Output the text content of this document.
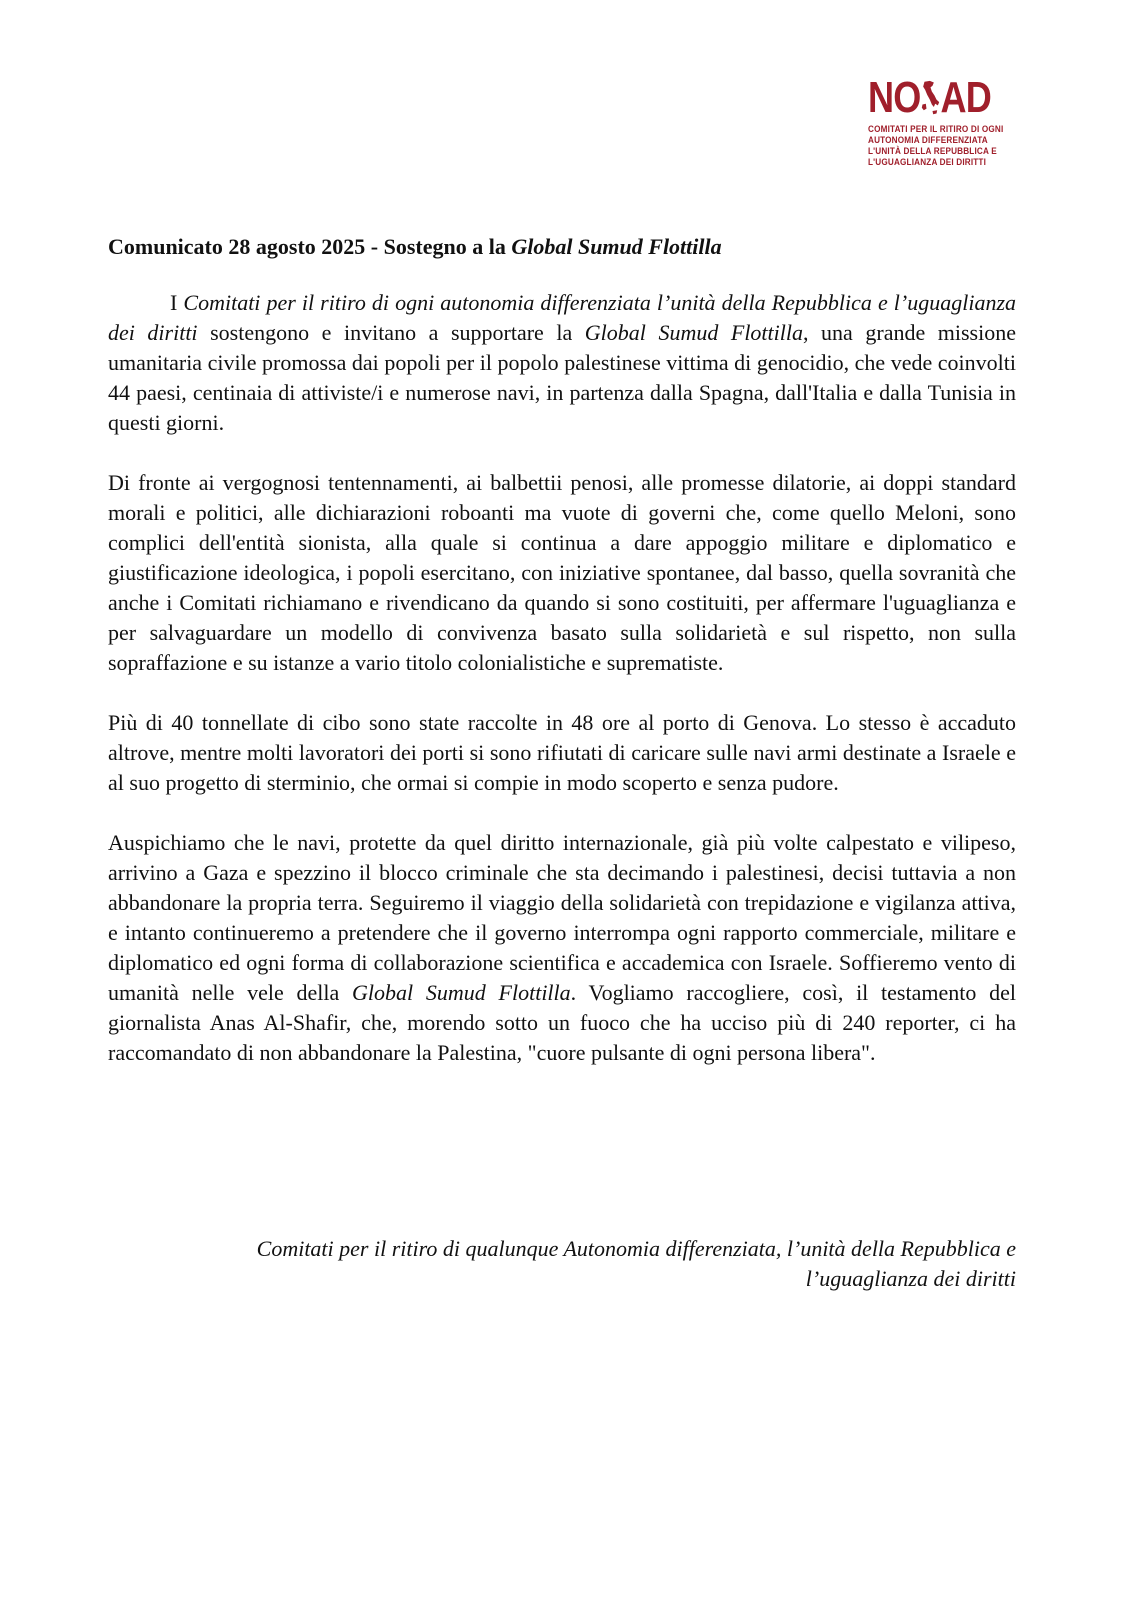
NO AD
COMITATI PER IL RITIRO DI OGNI
AUTONOMIA DIFFERENZIATA
L'UNITÀ DELLA REPUBBLICA E
L'UGUAGLIANZA DEI DIRITTI
Comunicato 28 agosto 2025 - Sostegno a la Global Sumud Flottilla

I Comitati per il ritiro di ogni autonomia differenziata l’unità della Repubblica e l’uguaglianza dei diritti sostengono e invitano a supportare la Global Sumud Flottilla, una grande missione umanitaria civile promossa dai popoli per il popolo palestinese vittima di genocidio, che vede coinvolti 44 paesi, centinaia di attiviste/i e numerose navi, in partenza dalla Spagna, dall'Italia e dalla Tunisia in questi giorni.

Di fronte ai vergognosi tentennamenti, ai balbettii penosi, alle promesse dilatorie, ai doppi standard morali e politici, alle dichiarazioni roboanti ma vuote di governi che, come quello Meloni, sono complici dell'entità sionista, alla quale si continua a dare appoggio militare e diplomatico e giustificazione ideologica, i popoli esercitano, con iniziative spontanee, dal basso, quella sovranità che anche i Comitati richiamano e rivendicano da quando si sono costituiti, per affermare l'uguaglianza e per salvaguardare un modello di convivenza basato sulla solidarietà e sul rispetto, non sulla sopraffazione e su istanze a vario titolo colonialistiche e suprematiste.

Più di 40 tonnellate di cibo sono state raccolte in 48 ore al porto di Genova. Lo stesso è accaduto altrove, mentre molti lavoratori dei porti si sono rifiutati di caricare sulle navi armi destinate a Israele e al suo progetto di sterminio, che ormai si compie in modo scoperto e senza pudore.

Auspichiamo che le navi, protette da quel diritto internazionale, già più volte calpestato e vilipeso, arrivino a Gaza e spezzino il blocco criminale che sta decimando i palestinesi, decisi tuttavia a non abbandonare la propria terra. Seguiremo il viaggio della solidarietà con trepidazione e vigilanza attiva, e intanto continueremo a pretendere che il governo interrompa ogni rapporto commerciale, militare e diplomatico ed ogni forma di collaborazione scientifica e accademica con Israele. Soffieremo vento di umanità nelle vele della Global Sumud Flottilla. Vogliamo raccogliere, così, il testamento del giornalista Anas Al-Shafir, che, morendo sotto un fuoco che ha ucciso più di 240 reporter, ci ha raccomandato di non abbandonare la Palestina, "cuore pulsante di ogni persona libera".

Comitati per il ritiro di qualunque Autonomia differenziata, l’unità della Repubblica e
l’uguaglianza dei diritti
